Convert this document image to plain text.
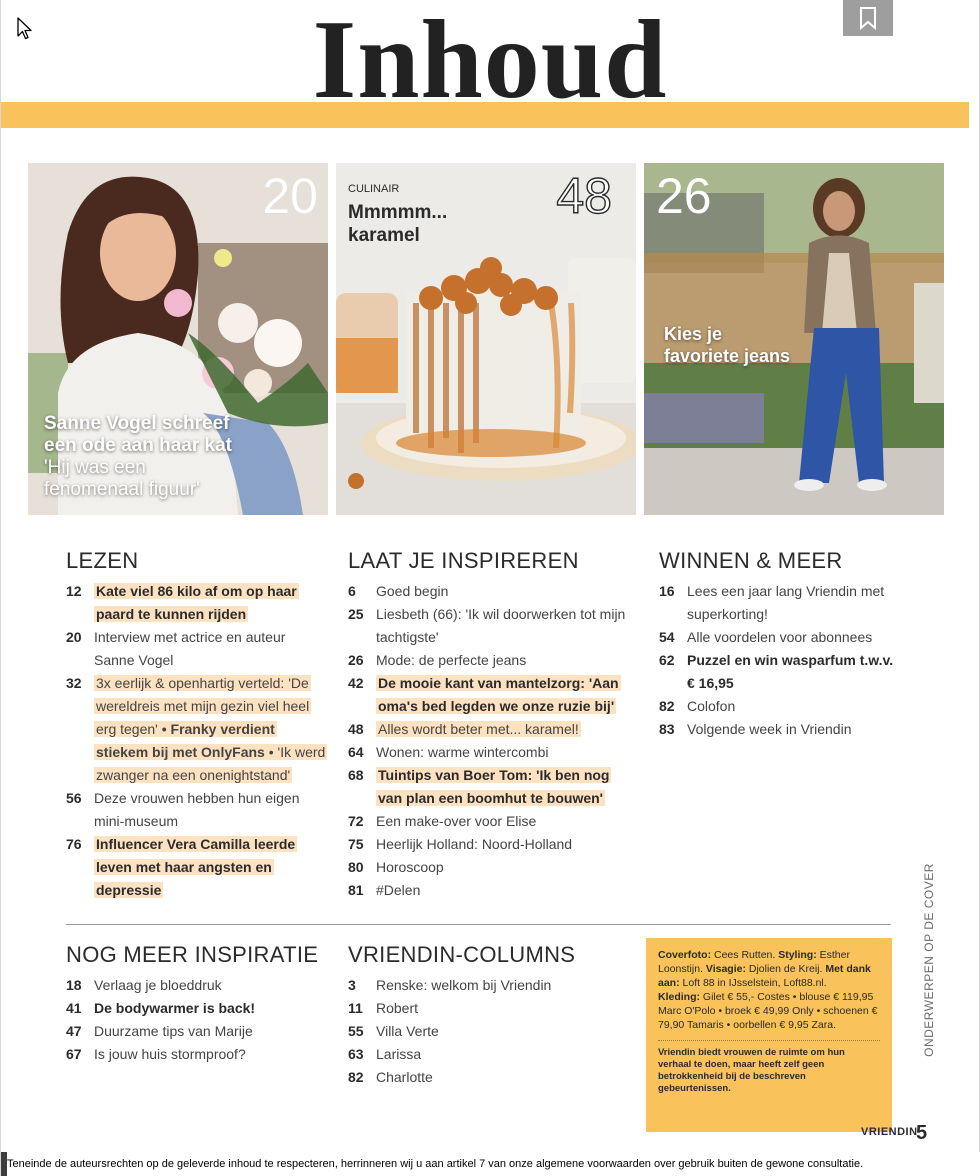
Inhoud
20
Sanne Vogel schreef
een ode aan haar kat
'Hij was een
fenomenaal figuur'
CULINAIR
Mmmmm...
karamel
48 26
Kies je
favoriete jeans
LEZEN
12	Kate viel 86 kilo af om op haar paard te kunnen rijden
20 Interview met actrice en auteur Sanne Vogel
32	3x eerlijk & openhartig verteld: 'De wereldreis met mijn gezin viel heel erg tegen' • Franky verdient stiekem bij met OnlyFans • 'Ik werd zwanger na een onenightstand'
56 Deze vrouwen hebben hun eigen mini-museum
76	Influencer Vera Camilla leerde leven met haar angsten en depressie
LAAT JE INSPIREREN
6	Goed begin
25 Liesbeth (66): 'Ik wil doorwerken tot mijn tachtigste'
26 Mode: de perfecte jeans
42	De mooie kant van mantelzorg: 'Aan oma's bed legden we onze ruzie bij'
48	Alles wordt beter met... karamel!
64 Wonen: warme wintercombi
68	Tuintips van Boer Tom: 'Ik ben nog van plan een boomhut te bouwen'
72 Een make-over voor Elise
75 Heerlijk Holland: Noord-Holland
80 Horoscoop
81 #Delen
WINNEN & MEER
16 Lees een jaar lang Vriendin met superkorting!
54 Alle voordelen voor abonnees
62 Puzzel en win wasparfum t.w.v. € 16,95
82 Colofon
83 Volgende week in Vriendin
NOG MEER INSPIRATIE
18 Verlaag je bloeddruk
41 De bodywarmer is back!
47 Duurzame tips van Marije
67 Is jouw huis stormproof?
VRIENDIN-COLUMNS
3	Renske: welkom bij Vriendin
11 Robert
55 Villa Verte
63 Larissa
82 Charlotte
Coverfoto: Cees Rutten. Styling: Esther Loonstijn. Visagie: Djolien de Kreij. Met dank aan: Loft 88 in IJsselstein, Loft88.nl.
Kleding: Gilet € 55,- Costes • blouse € 119,95 Marc O'Polo • broek € 49,99 Only • schoenen € 79,90 Tamaris • oorbellen € 9,95 Zara.
Vriendin biedt vrouwen de ruimte om hun verhaal te doen, maar heeft zelf geen betrokkenheid bij de beschreven gebeurtenissen.
ONDERWERPEN OP DE COVER
VRIENDIN
5
Teneinde de auteursrechten op de geleverde inhoud te respecteren, herrinneren wij u aan artikel 7 van onze algemene voorwaarden over gebruik buiten de gewone consultatie.
